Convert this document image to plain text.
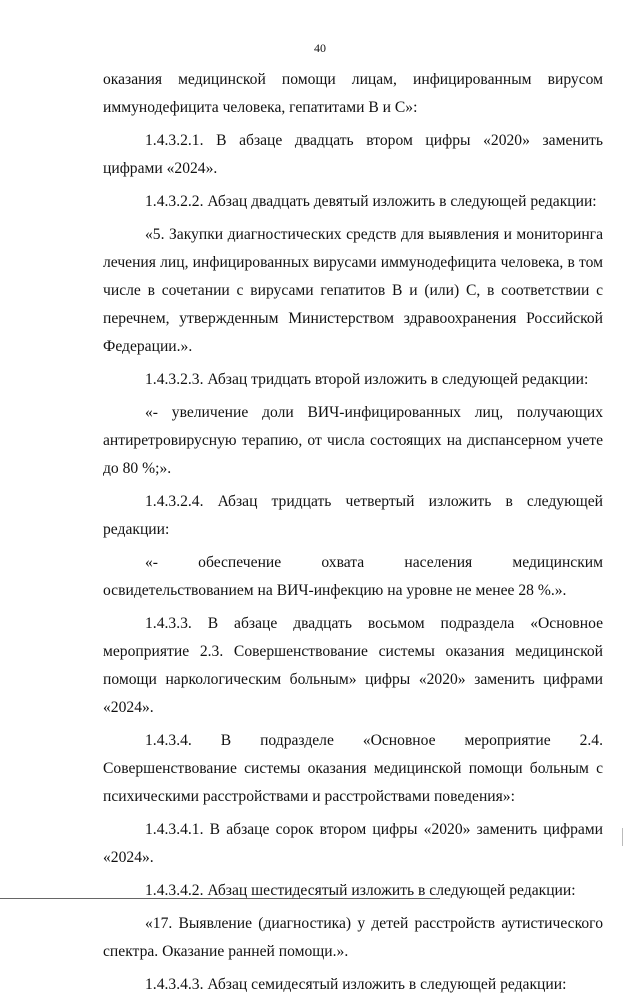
40

оказания медицинской помощи лицам, инфицированным вирусом иммунодефицита человека, гепатитами В и С»:

1.4.3.2.1. В абзаце двадцать втором цифры «2020» заменить цифрами «2024».

1.4.3.2.2. Абзац двадцать девятый изложить в следующей редакции:

«5. Закупки диагностических средств для выявления и мониторинга лечения лиц, инфицированных вирусами иммунодефицита человека, в том числе в сочетании с вирусами гепатитов В и (или) С, в соответствии с перечнем, утвержденным Министерством здравоохранения Российской Федерации.».

1.4.3.2.3. Абзац тридцать второй изложить в следующей редакции:

«- увеличение доли ВИЧ-инфицированных лиц, получающих антиретровирусную терапию, от числа состоящих на диспансерном учете до 80 %;».

1.4.3.2.4. Абзац тридцать четвертый изложить в следующей редакции:

«- обеспечение охвата населения медицинским освидетельствованием на ВИЧ-инфекцию на уровне не менее 28 %.».

1.4.3.3. В абзаце двадцать восьмом подраздела «Основное мероприятие 2.3. Совершенствование системы оказания медицинской помощи наркологическим больным» цифры «2020» заменить цифрами «2024».

1.4.3.4. В подразделе «Основное мероприятие 2.4. Совершенствование системы оказания медицинской помощи больным с психическими расстройствами и расстройствами поведения»:

1.4.3.4.1. В абзаце сорок втором цифры «2020» заменить цифрами «2024».

1.4.3.4.2. Абзац шестидесятый изложить в следующей редакции:

«17. Выявление (диагностика) у детей расстройств аутистического спектра. Оказание ранней помощи.».

1.4.3.4.3. Абзац семидесятый изложить в следующей редакции:
